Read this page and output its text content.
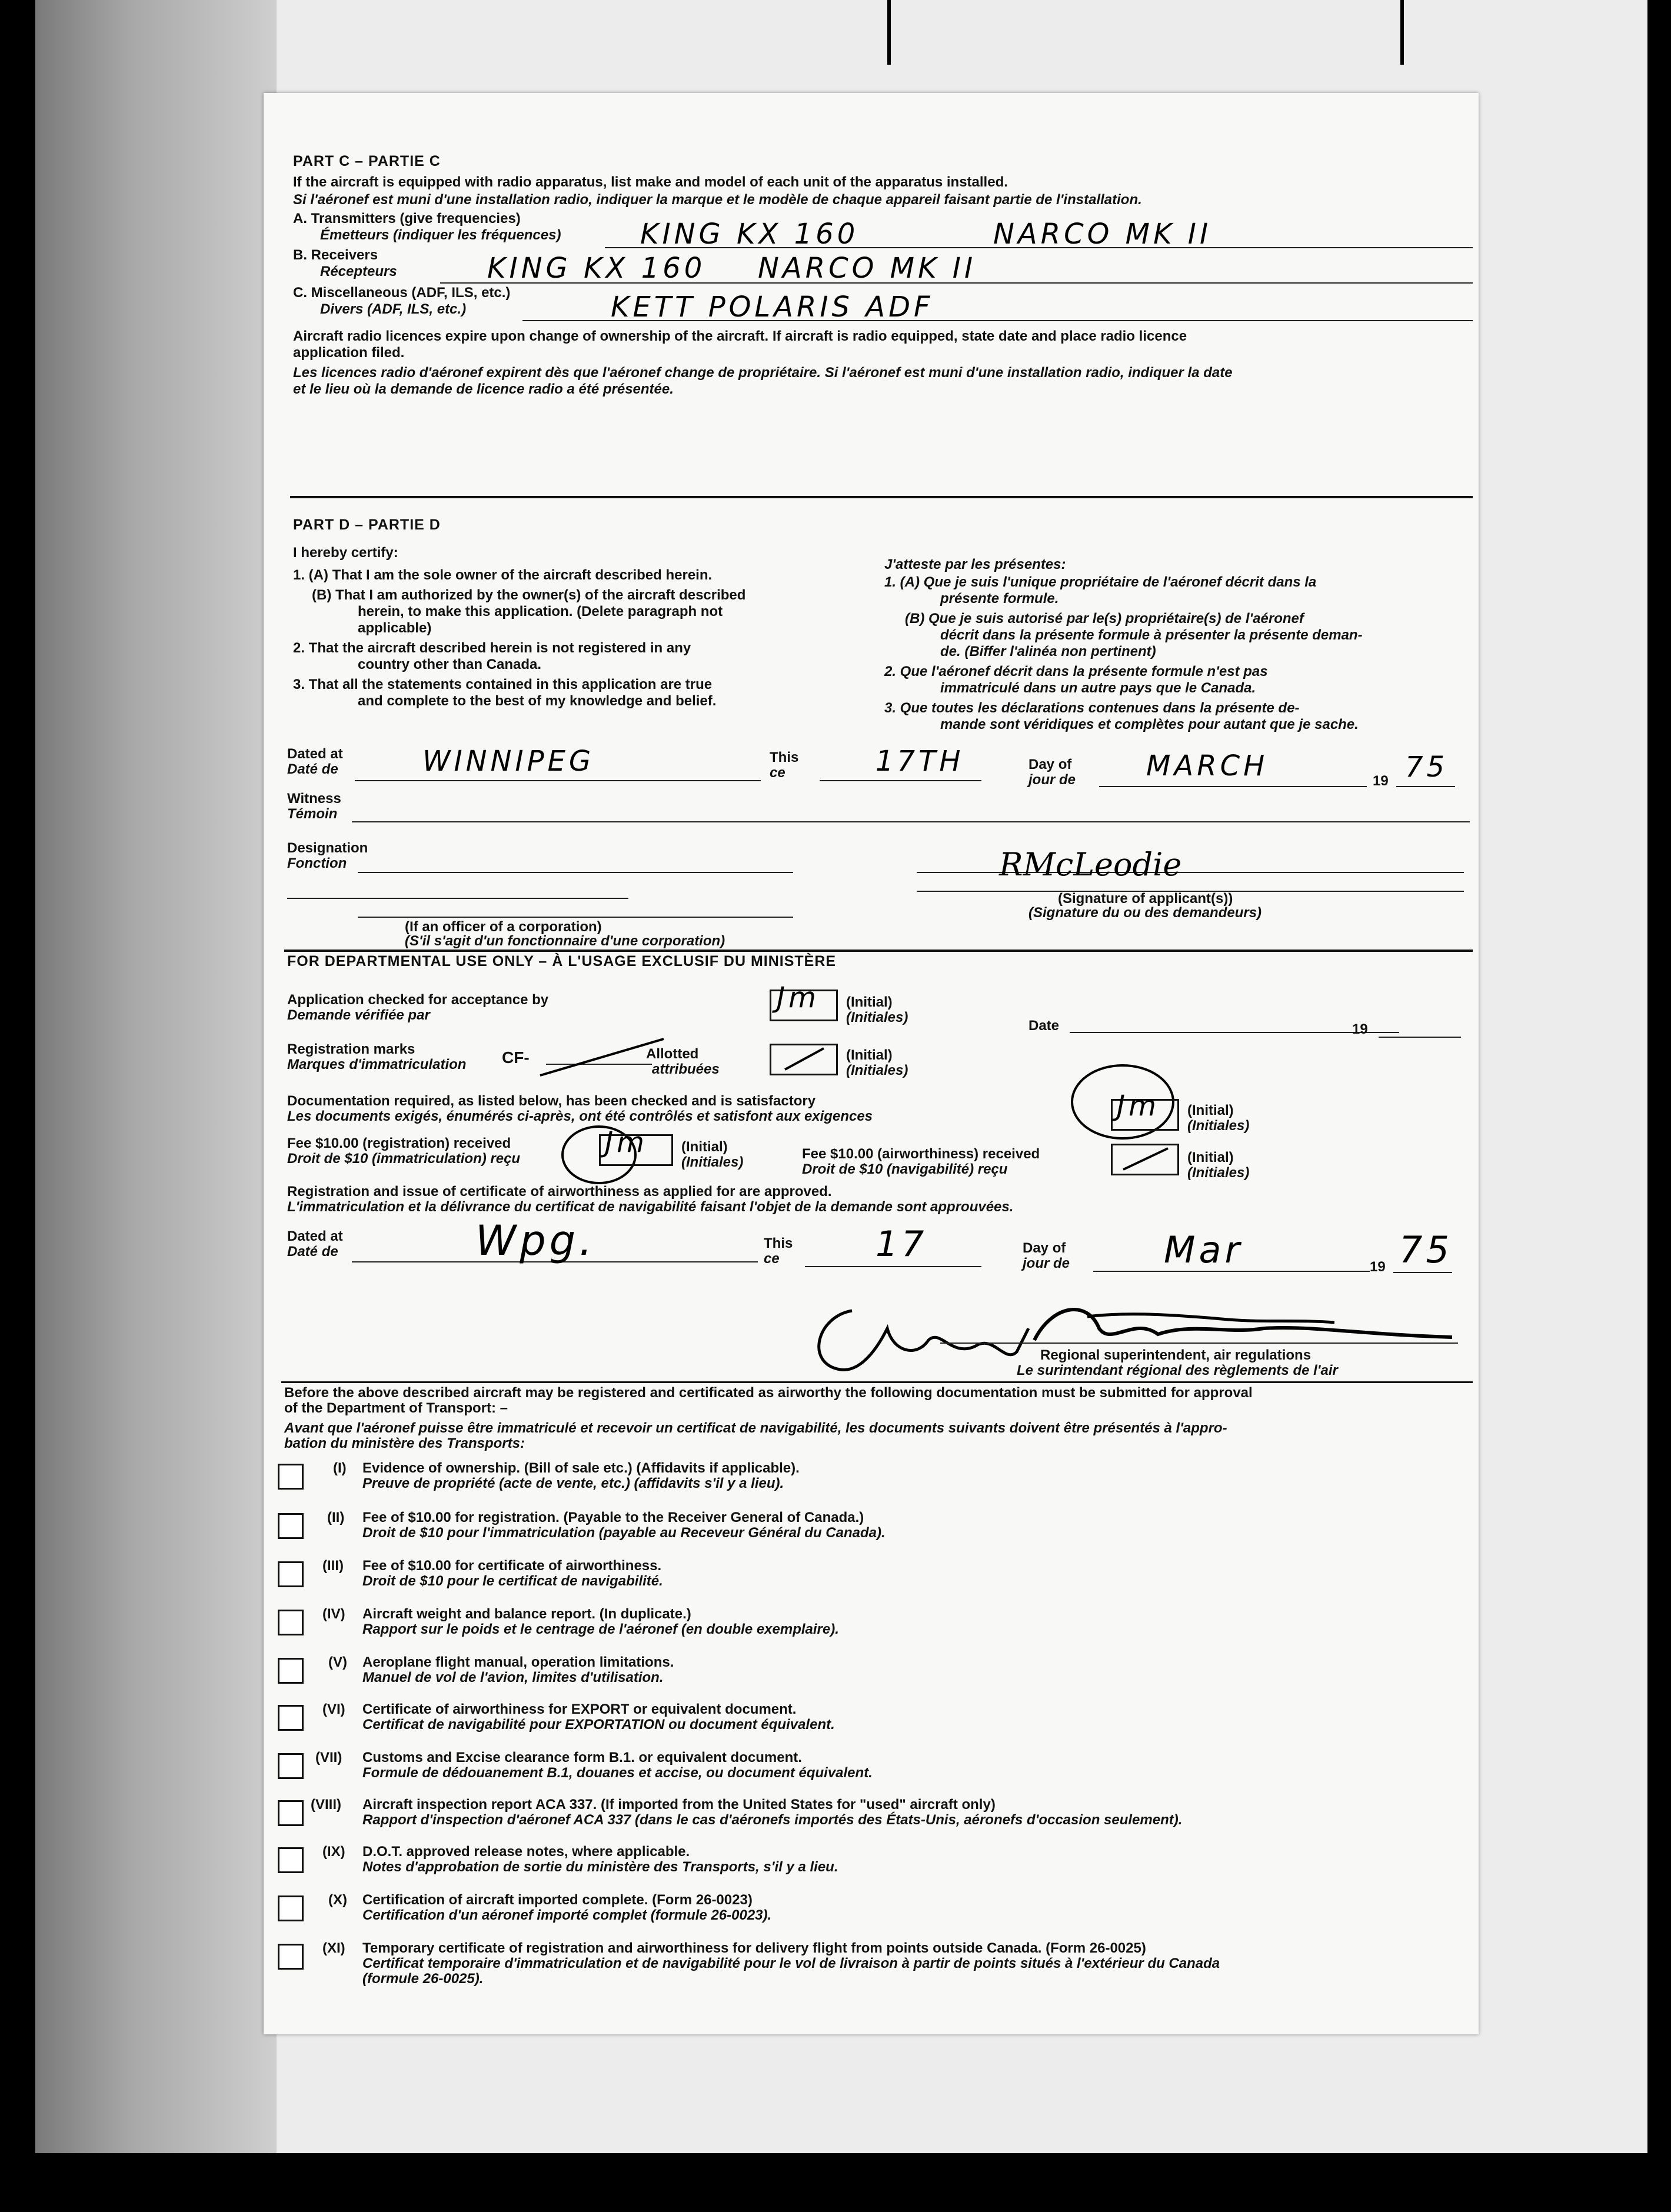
PART C – PARTIE C
If the aircraft is equipped with radio apparatus, list make and model of each unit of the apparatus installed.
Si l'aéronef est muni d'une installation radio, indiquer la marque et le modèle de chaque appareil faisant partie de l'installation.
A. Transmitters (give frequencies)
Émetteurs (indiquer les fréquences)	KING KX 160	NARCO MK II
B. Receivers
Récepteurs	KING KX 160 NARCO MK II
C. Miscellaneous (ADF, ILS, etc.)
Divers (ADF, ILS, etc.)	KETT POLARIS ADF
Aircraft radio licences expire upon change of ownership of the aircraft. If aircraft is radio equipped, state date and place radio licence
application filed.
Les licences radio d'aéronef expirent dès que l'aéronef change de propriétaire. Si l'aéronef est muni d'une installation radio, indiquer la date
et le lieu où la demande de licence radio a été présentée.
PART D – PARTIE D
I hereby certify:
J'atteste par les présentes:
1. (A) That I am the sole owner of the aircraft described herein.
(B) That I am authorized by the owner(s) of the aircraft described
herein, to make this application. (Delete paragraph not
applicable)
2. That the aircraft described herein is not registered in any
country other than Canada.
3. That all the statements contained in this application are true
and complete to the best of my knowledge and belief.
1. (A) Que je suis l'unique propriétaire de l'aéronef décrit dans la
présente formule.
(B) Que je suis autorisé par le(s) propriétaire(s) de l'aéronef
décrit dans la présente formule à présenter la présente deman-
de. (Biffer l'alinéa non pertinent)
2. Que l'aéronef décrit dans la présente formule n'est pas
immatriculé dans un autre pays que le Canada.
3. Que toutes les déclarations contenues dans la présente de-
mande sont véridiques et complètes pour autant que je sache.
Dated at
Daté de	WINNIPEG	This
ce	17TH	Day of
jour de MARCH	19 75
Witness
Témoin
Designation
Fonction	RMcLeodie
(Signature of applicant(s))
(Signature du ou des demandeurs)
(If an officer of a corporation)
(S'il s'agit d'un fonctionnaire d'une corporation)
FOR DEPARTMENTAL USE ONLY – À L'USAGE EXCLUSIF DU MINISTÈRE
Application checked for acceptance by
Demande vérifiée par
Jm (Initial)
(Initiales)
Date	19
Registration marks
Marques d'immatriculation CF-	Allotted
attribuées
(Initial)
(Initiales)
Documentation required, as listed below, has been checked and is satisfactory
Les documents exigés, énumérés ci-après, ont été contrôlés et satisfont aux exigences	Jm (Initial)
(Initiales)
Fee $10.00 (registration) received
Droit de $10 (immatriculation) reçu	Jm (Initial)
(Initiales)
Fee $10.00 (airworthiness) received
Droit de $10 (navigabilité) reçu
(Initial)
(Initiales)
Registration and issue of certificate of airworthiness as applied for are approved.
L'immatriculation et la délivrance du certificat de navigabilité faisant l'objet de la demande sont approuvées.
Dated at
Daté de	Wpg.	This
ce	17	Day of
jour de	Mar	19 75
Regional superintendent, air regulations
Le surintendant régional des règlements de l'air
Before the above described aircraft may be registered and certificated as airworthy the following documentation must be submitted for approval
of the Department of Transport: –
Avant que l'aéronef puisse être immatriculé et recevoir un certificat de navigabilité, les documents suivants doivent être présentés à l'appro-
bation du ministère des Transports:
(I) Evidence of ownership. (Bill of sale etc.) (Affidavits if applicable).
Preuve de propriété (acte de vente, etc.) (affidavits s'il y a lieu).
(II) Fee of $10.00 for registration. (Payable to the Receiver General of Canada.)
Droit de $10 pour l'immatriculation (payable au Receveur Général du Canada).
(III) Fee of $10.00 for certificate of airworthiness.
Droit de $10 pour le certificat de navigabilité.
(IV) Aircraft weight and balance report. (In duplicate.)
Rapport sur le poids et le centrage de l'aéronef (en double exemplaire).
(V) Aeroplane flight manual, operation limitations.
Manuel de vol de l'avion, limites d'utilisation.
(VI) Certificate of airworthiness for EXPORT or equivalent document.
Certificat de navigabilité pour EXPORTATION ou document équivalent.
(VII) Customs and Excise clearance form B.1. or equivalent document.
Formule de dédouanement B.1, douanes et accise, ou document équivalent.
(VIII) Aircraft inspection report ACA 337. (If imported from the United States for "used" aircraft only)
Rapport d'inspection d'aéronef ACA 337 (dans le cas d'aéronefs importés des États-Unis, aéronefs d'occasion seulement).
(IX) D.O.T. approved release notes, where applicable.
Notes d'approbation de sortie du ministère des Transports, s'il y a lieu.
(X) Certification of aircraft imported complete. (Form 26-0023)
Certification d'un aéronef importé complet (formule 26-0023).
(XI) Temporary certificate of registration and airworthiness for delivery flight from points outside Canada. (Form 26-0025)
Certificat temporaire d'immatriculation et de navigabilité pour le vol de livraison à partir de points situés à l'extérieur du Canada
(formule 26-0025).
